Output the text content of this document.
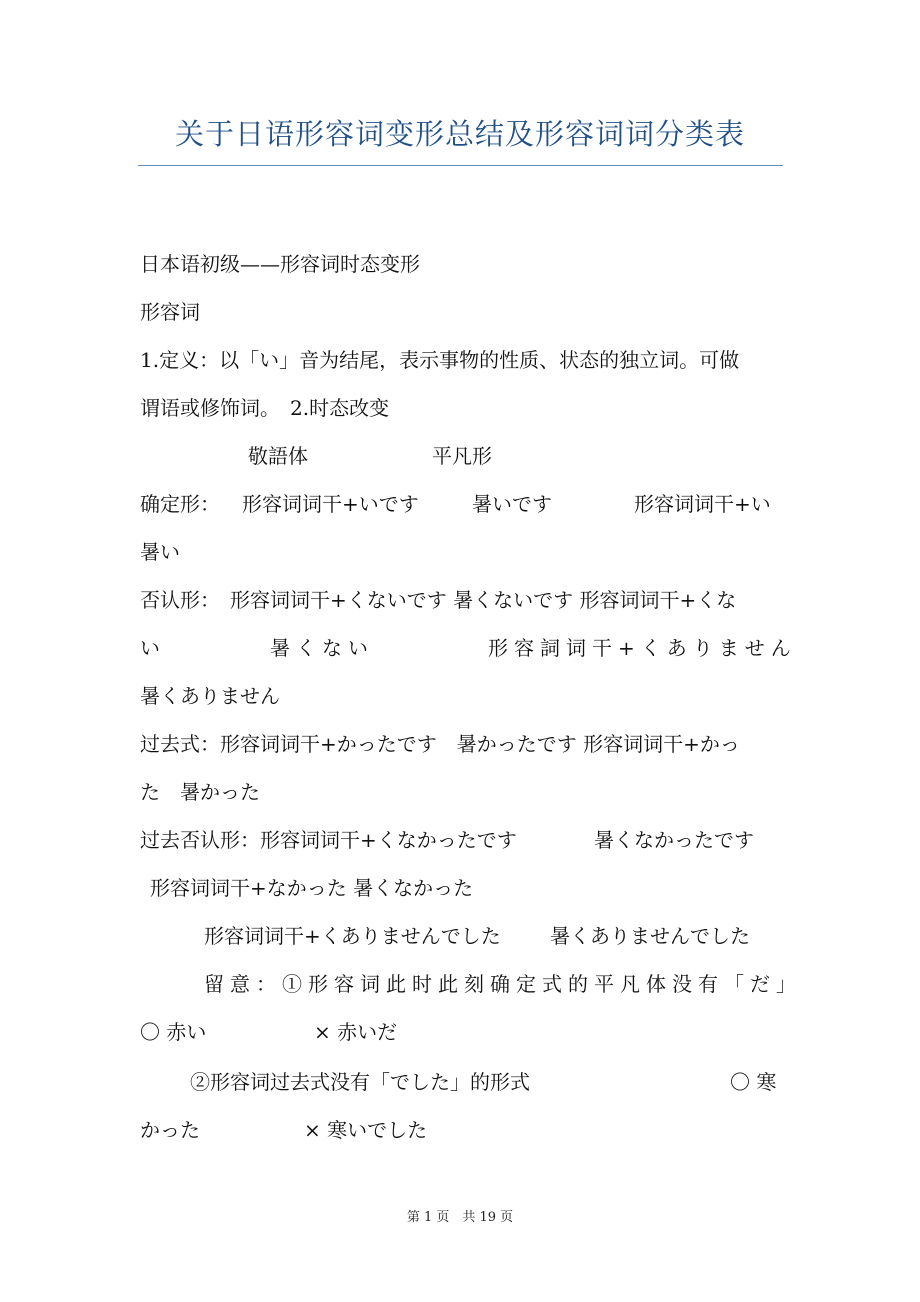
关于日语形容词变形总结及形容词词分类表
日本语初级——形容词时态变形
形容词
1.定义：以「い」音为结尾，表示事物的性质、状态的独立词。可做
谓语或修饰词。　2.时态改变
敬語体	平凡形
确定形： 形容词词干+いです	暑いです	形容词词干+い
暑い
否认形：　形容词词干+くないです 暑くないです 形容词词干+くな
い	暑くない	形容詞词干+くありません
暑くありません
过去式：形容词词干+かったです　暑かったです 形容词词干+かっ
た　暑かった
过去否认形：形容词词干+くなかったです	暑くなかったです
形容词词干+なかった 暑くなかった
形容词词干+くありませんでした 暑くありませんでした
留意：①形容词此时此刻确定式的平凡体没有「だ」
〇 赤い	× 赤いだ
②形容词过去式没有「でした」的形式	〇 寒
かった	× 寒いでした
第 1 页　共 19 页
